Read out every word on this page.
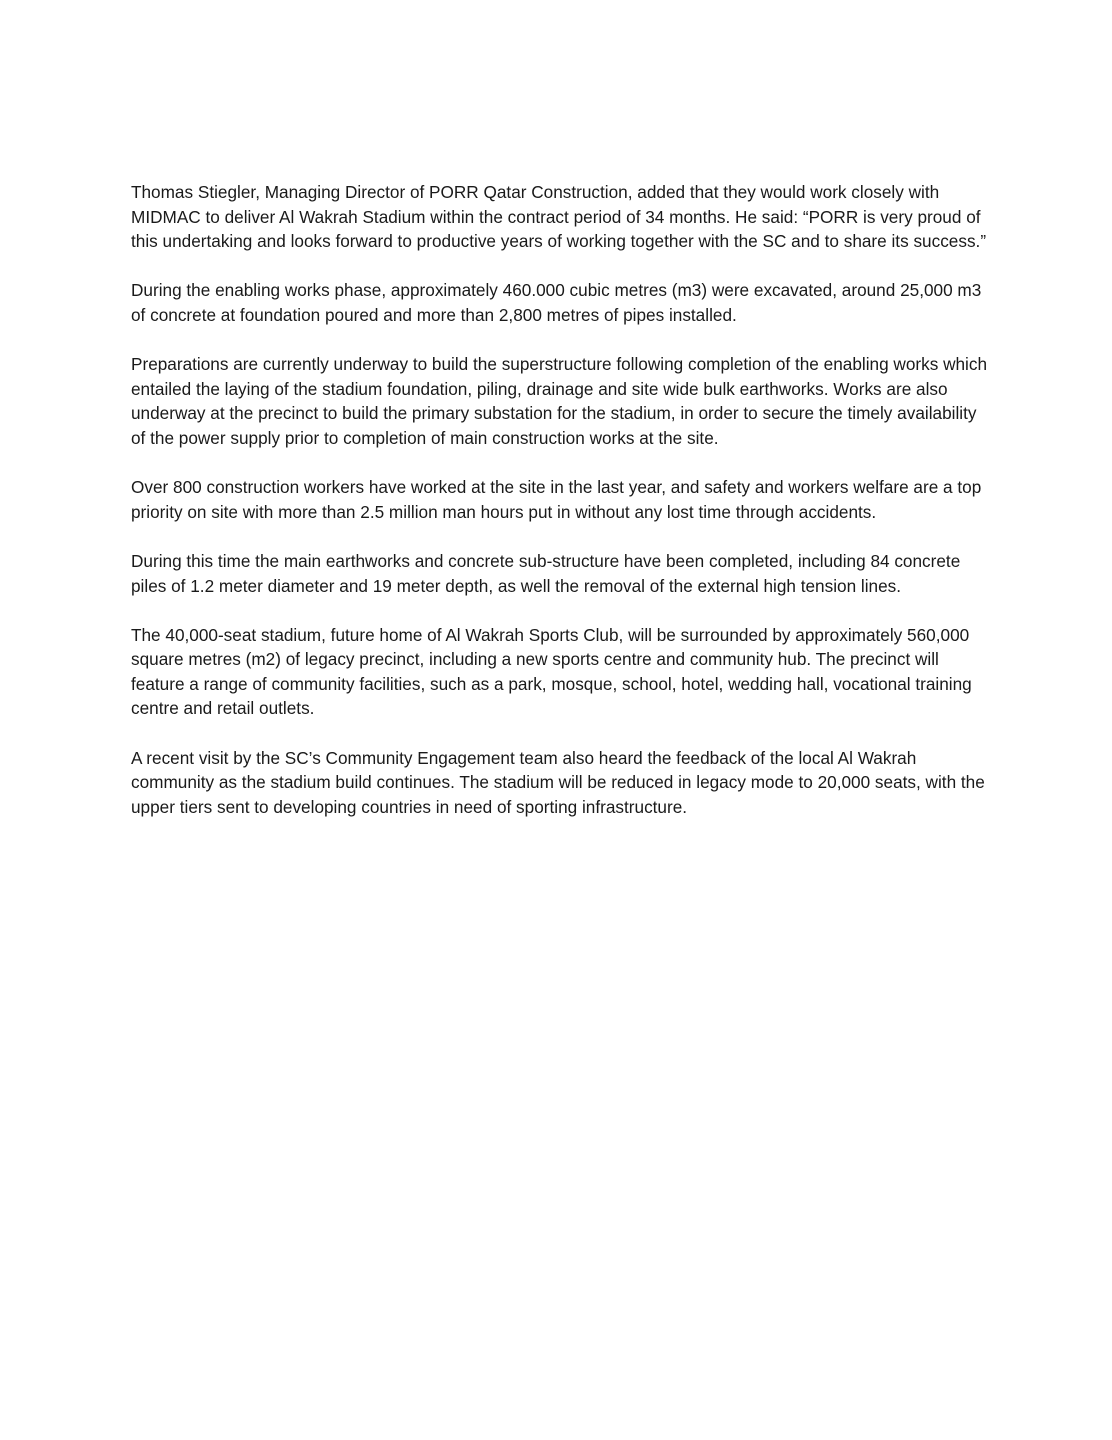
Thomas Stiegler, Managing Director of PORR Qatar Construction, added that they would work closely with MIDMAC to deliver Al Wakrah Stadium within the contract period of 34 months. He said: “PORR is very proud of this undertaking and looks forward to productive years of working together with the SC and to share its success.”

During the enabling works phase, approximately 460.000 cubic metres (m3) were excavated, around 25,000 m3 of concrete at foundation poured and more than 2,800 metres of pipes installed.

Preparations are currently underway to build the superstructure following completion of the enabling works which entailed the laying of the stadium foundation, piling, drainage and site wide bulk earthworks. Works are also underway at the precinct to build the primary substation for the stadium, in order to secure the timely availability of the power supply prior to completion of main construction works at the site.

Over 800 construction workers have worked at the site in the last year, and safety and workers welfare are a top priority on site with more than 2.5 million man hours put in without any lost time through accidents.

During this time the main earthworks and concrete sub-structure have been completed, including 84 concrete piles of 1.2 meter diameter and 19 meter depth, as well the removal of the external high tension lines.

The 40,000-seat stadium, future home of Al Wakrah Sports Club, will be surrounded by approximately 560,000 square metres (m2) of legacy precinct, including a new sports centre and community hub. The precinct will feature a range of community facilities, such as a park, mosque, school, hotel, wedding hall, vocational training centre and retail outlets.

A recent visit by the SC’s Community Engagement team also heard the feedback of the local Al Wakrah community as the stadium build continues. The stadium will be reduced in legacy mode to 20,000 seats, with the upper tiers sent to developing countries in need of sporting infrastructure.
